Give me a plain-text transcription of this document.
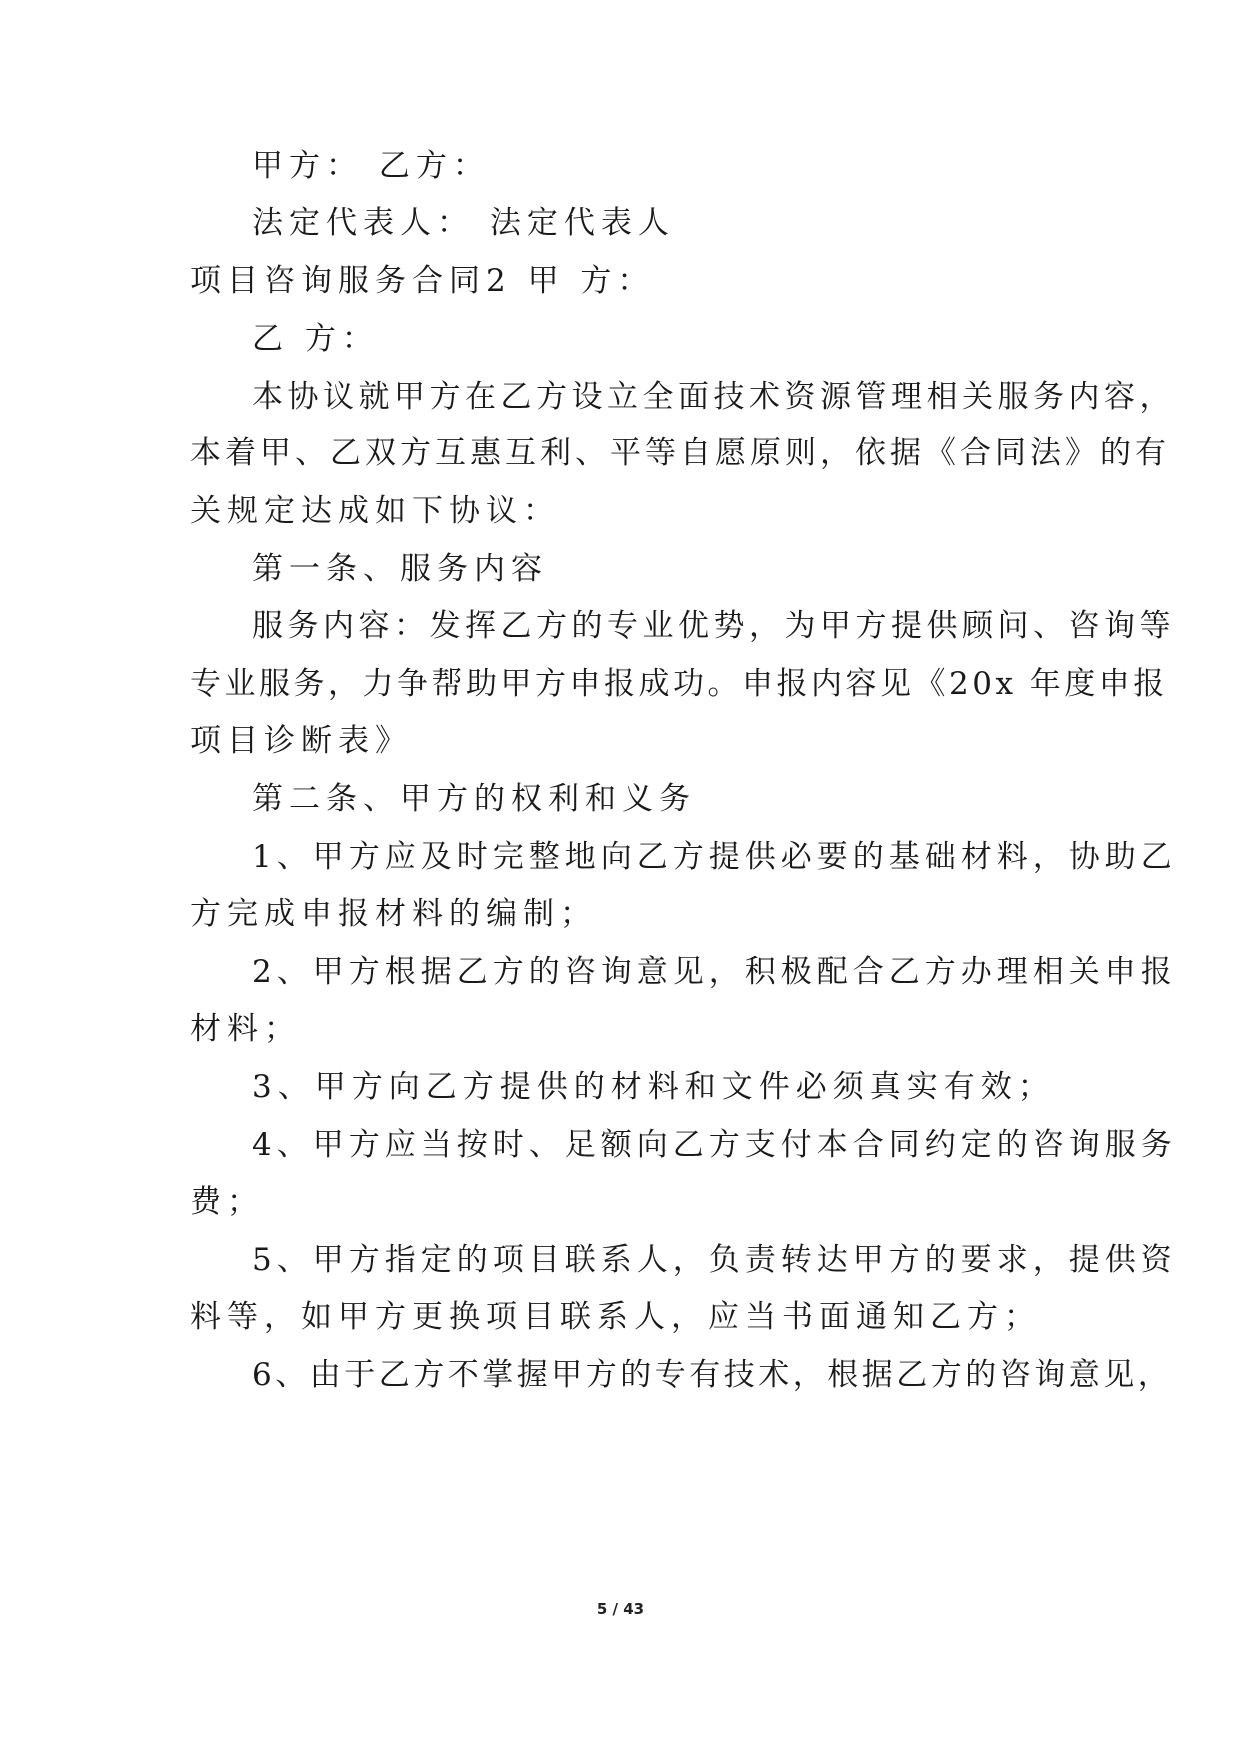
甲方： 乙方：
法定代表人： 法定代表人
项目咨询服务合同2 甲 方：
乙 方：
本协议就甲方在乙方设立全面技术资源管理相关服务内容，
本着甲、乙双方互惠互利、平等自愿原则，依据《合同法》的有
关规定达成如下协议：
第一条、服务内容
服务内容：发挥乙方的专业优势，为甲方提供顾问、咨询等
专业服务，力争帮助甲方申报成功。申报内容见《20x 年度申报
项目诊断表》
第二条、甲方的权利和义务
1、甲方应及时完整地向乙方提供必要的基础材料，协助乙
方完成申报材料的编制；
2、甲方根据乙方的咨询意见，积极配合乙方办理相关申报
材料；
3、甲方向乙方提供的材料和文件必须真实有效；
4、甲方应当按时、足额向乙方支付本合同约定的咨询服务
费；
5、甲方指定的项目联系人，负责转达甲方的要求，提供资
料等，如甲方更换项目联系人，应当书面通知乙方；
6、由于乙方不掌握甲方的专有技术，根据乙方的咨询意见，
5 / 43
